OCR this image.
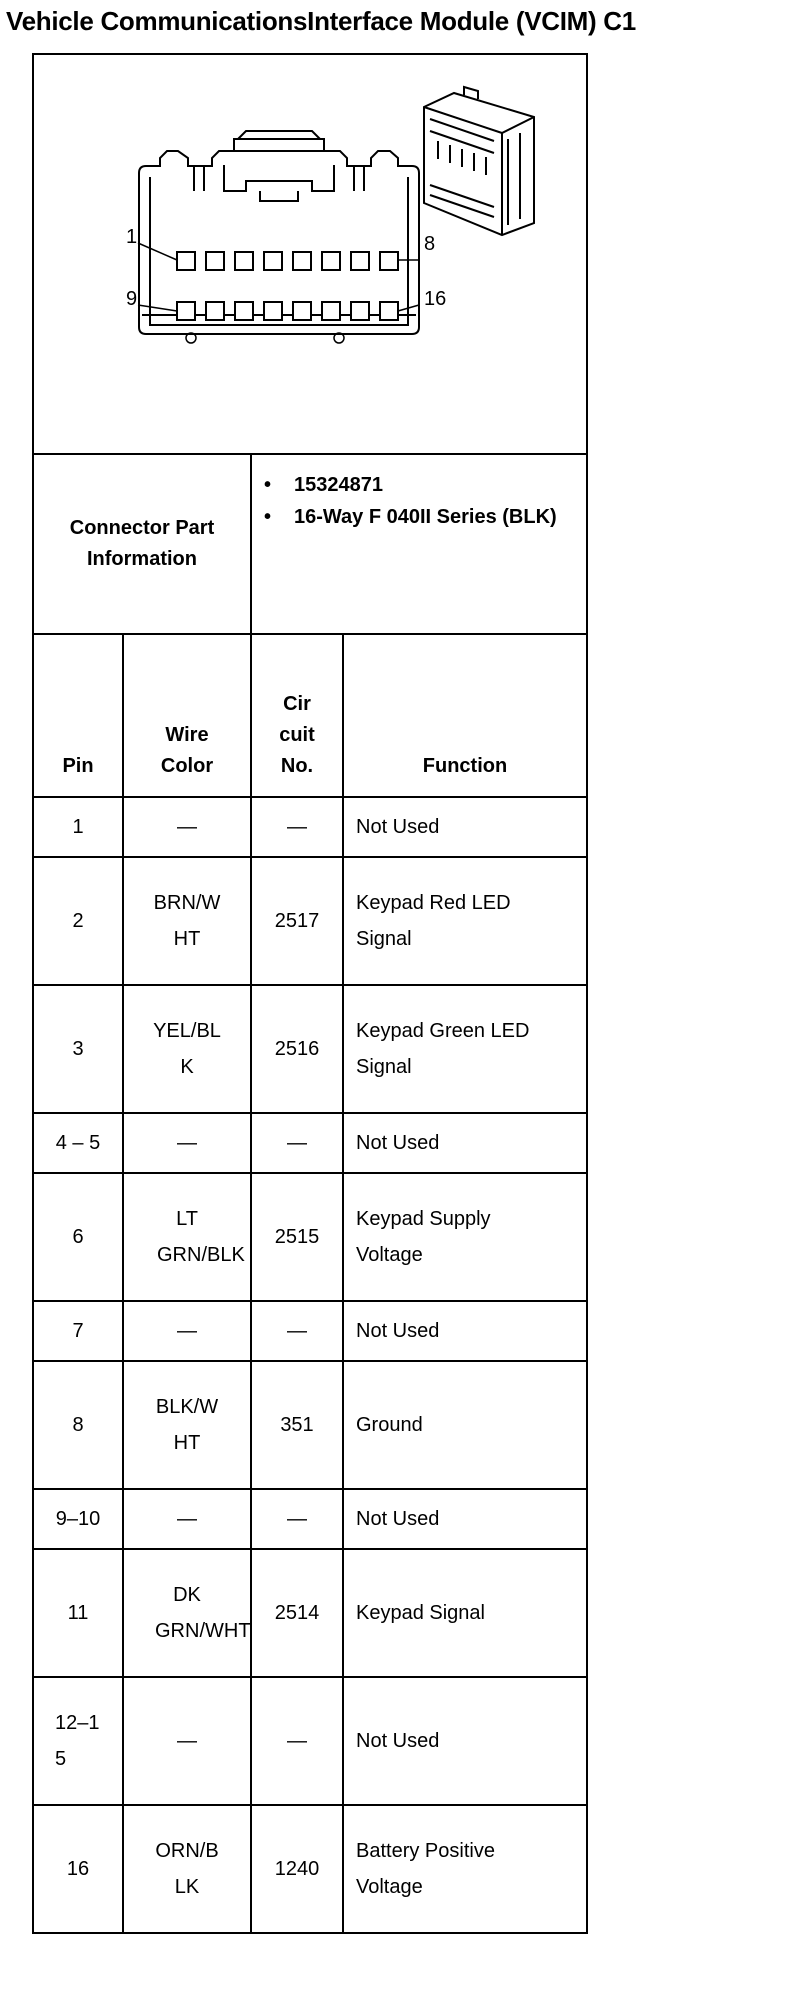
Vehicle CommunicationsInterface Module (VCIM) C1
1 8
9 16			

Connector Part Information		• 15324871
• 16-Way F 040II Series (BLK)	

Pin	Wire Color	Cir cuit No.	Function
1	—	—	Not Used
2	BRN/WHT	2517	Keypad Red LED Signal
3	YEL/BLK	2516	Keypad Green LED Signal
4 – 5	—	—	Not Used
6	LT GRN/BLK	2515	Keypad Supply Voltage
7	—	—	Not Used
8	BLK/WHT	351	Ground
9–10	—	—	Not Used
11	DK GRN/WHT	2514	Keypad Signal
12–15	—	—	Not Used
16	ORN/BLK	1240	Battery Positive Voltage
